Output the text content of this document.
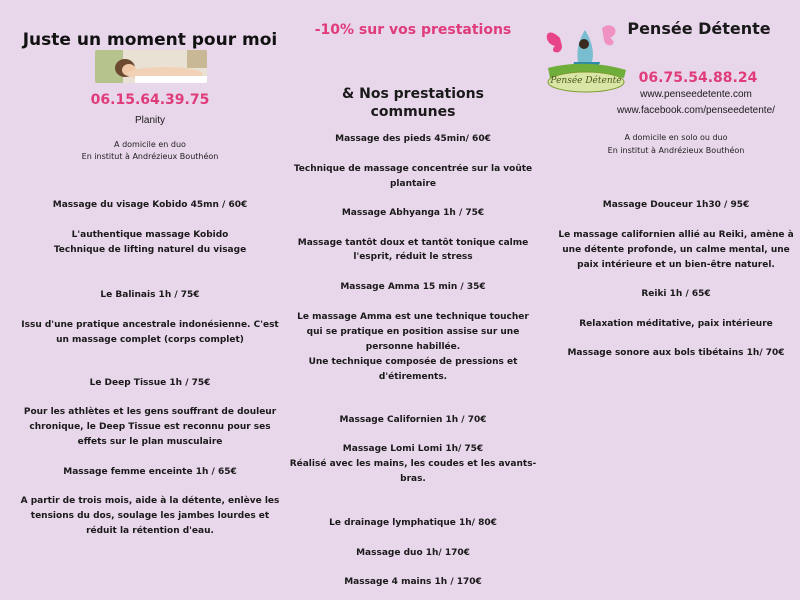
Juste un moment pour moi
06.15.64.39.75
Planity
A domicile en duo
En institut à Andrézieux Bouthéon
Massage du visage Kobido 45mn / 60€
L'authentique massage Kobido
Technique de lifting naturel du visage
Le Balinais 1h / 75€
Issu d'une pratique ancestrale indonésienne. C'est
un massage complet (corps complet)
Le Deep Tissue 1h / 75€
Pour les athlètes et les gens souffrant de douleur
chronique, le Deep Tissue est reconnu pour ses
effets sur le plan musculaire
Massage femme enceinte 1h / 65€
A partir de trois mois, aide à la détente, enlève les
tensions du dos, soulage les jambes lourdes et
réduit la rétention d'eau.
-10% sur vos prestations
& Nos prestations
communes
Massage des pieds 45min/ 60€
Technique de massage concentrée sur la voûte
plantaire
Massage Abhyanga 1h / 75€
Massage tantôt doux et tantôt tonique calme
l'esprit, réduit le stress
Massage Amma 15 min / 35€
Le massage Amma est une technique toucher
qui se pratique en position assise sur une
personne habillée.
Une technique composée de pressions et
d'étirements.
Massage Californien 1h / 70€
Massage Lomi Lomi 1h/ 75€
Réalisé avec les mains, les coudes et les avants-
bras.
Le drainage lymphatique 1h/ 80€
Massage duo 1h/ 170€
Massage 4 mains 1h / 170€
Pensée Détente
Pensée Détente
06.75.54.88.24
www.penseedetente.com
www.facebook.com/penseedetente/
A domicile en solo ou duo
En institut à Andrézieux Bouthéon
Massage Douceur 1h30 / 95€
Le massage californien allié au Reiki, amène à
une détente profonde, un calme mental, une
paix intérieure et un bien-être naturel.
Reiki 1h / 65€
Relaxation méditative, paix intérieure
Massage sonore aux bols tibétains 1h/ 70€
